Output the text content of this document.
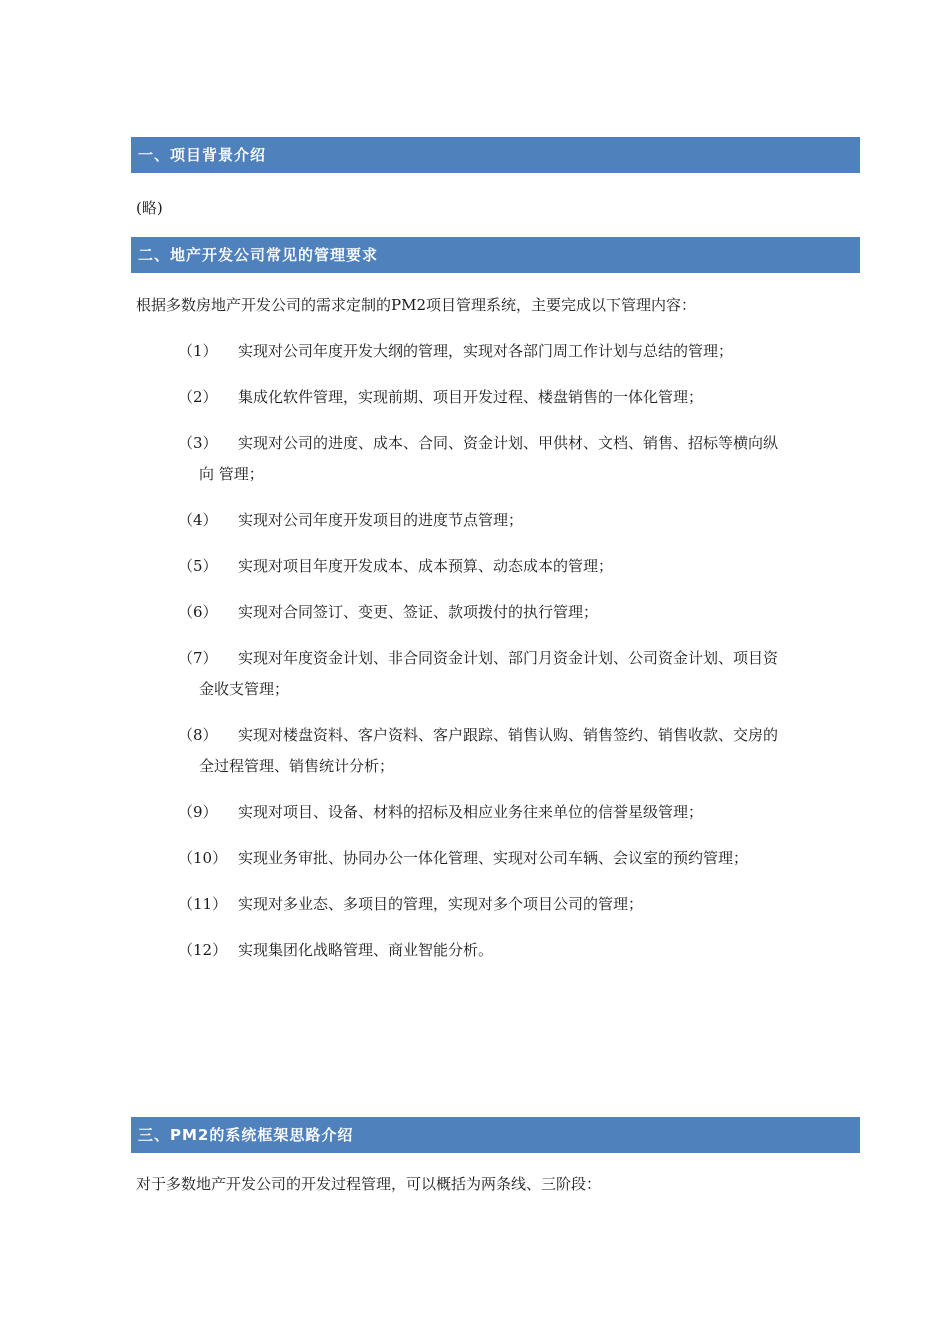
一、项目背景介绍
(略)
二、地产开发公司常见的管理要求
根据多数房地产开发公司的需求定制的PM2项目管理系统，主要完成以下管理内容：
（1） 实现对公司年度开发大纲的管理，实现对各部门周工作计划与总结的管理；
（2） 集成化软件管理，实现前期、项目开发过程、楼盘销售的一体化管理；
（3） 实现对公司的进度、成本、合同、资金计划、甲供材、文档、销售、招标等横向纵
向 管理；
（4） 实现对公司年度开发项目的进度节点管理；
（5） 实现对项目年度开发成本、成本预算、动态成本的管理；
（6） 实现对合同签订、变更、签证、款项拨付的执行管理；
（7） 实现对年度资金计划、非合同资金计划、部门月资金计划、公司资金计划、项目资
金收支管理；
（8） 实现对楼盘资料、客户资料、客户跟踪、销售认购、销售签约、销售收款、交房的
全过程管理、销售统计分析；
（9） 实现对项目、设备、材料的招标及相应业务往来单位的信誉星级管理；
（10） 实现业务审批、协同办公一体化管理、实现对公司车辆、会议室的预约管理；
（11） 实现对多业态、多项目的管理，实现对多个项目公司的管理；
（12） 实现集团化战略管理、商业智能分析。
三、PM2的系统框架思路介绍
对于多数地产开发公司的开发过程管理，可以概括为两条线、三阶段：
